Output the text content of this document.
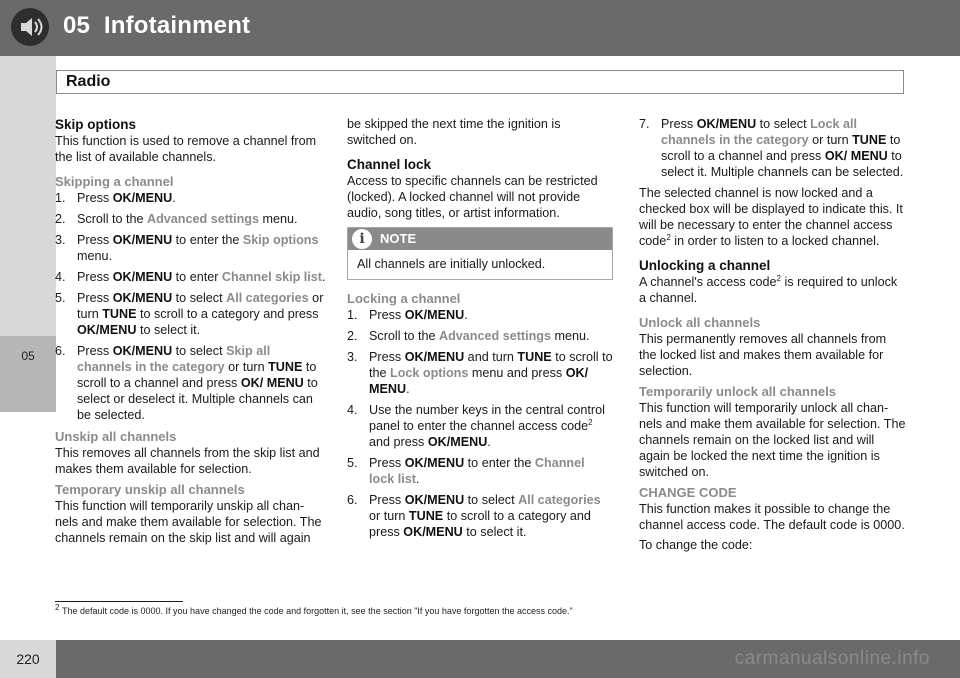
05 Infotainment
Radio
05
Skip options

This function is used to remove a channel from the list of available channels.

Skipping a channel
1. Press OK/MENU.
2. Scroll to the Advanced settings menu.
3. Press OK/MENU to enter the Skip options menu.
4. Press OK/MENU to enter Channel skip list.
5. Press OK/MENU to select All categories or turn TUNE to scroll to a category and press OK/MENU to select it.
6. Press OK/MENU to select Skip all channels in the category or turn TUNE to scroll to a channel and press OK/ MENU to select or deselect it. Multiple channels can be selected.
Unskip all channels

This removes all channels from the skip list and makes them available for selection.

Temporary unskip all channels

This function will temporarily unskip all chan-nels and make them available for selection. The channels remain on the skip list and will again

be skipped the next time the ignition is switched on.

Channel lock

Access to specific channels can be restricted (locked). A locked channel will not provide audio, song titles, or artist information.

i	NOTE
All channels are initially unlocked.
Locking a channel
1. Press OK/MENU.
2. Scroll to the Advanced settings menu.
3. Press OK/MENU and turn TUNE to scroll to the Lock options menu and press OK/ MENU.
4. Use the number keys in the central control panel to enter the channel access code$^2$ and press OK/MENU.
5. Press OK/MENU to enter the Channel lock list.
6. Press OK/MENU to select All categories or turn TUNE to scroll to a category and press OK/MENU to select it.
7. Press OK/MENU to select Lock all channels in the category or turn TUNE to scroll to a channel and press OK/ MENU to select it. Multiple channels can be selected.

The selected channel is now locked and a checked box will be displayed to indicate this. It will be necessary to enter the channel access code$^2$ in order to listen to a locked channel.

Unlocking a channel

A channel's access code$^2$ is required to unlock a channel.

Unlock all channels

This permanently removes all channels from the locked list and makes them available for selection.

Temporarily unlock all channels

This function will temporarily unlock all chan-nels and make them available for selection. The channels remain on the locked list and will again be locked the next time the ignition is switched on.

CHANGE CODE

This function makes it possible to change the channel access code. The default code is 0000.

To change the code:

$^2$ The default code is 0000. If you have changed the code and forgotten it, see the section "If you have forgotten the access code."
220	carmanualsonline.info
